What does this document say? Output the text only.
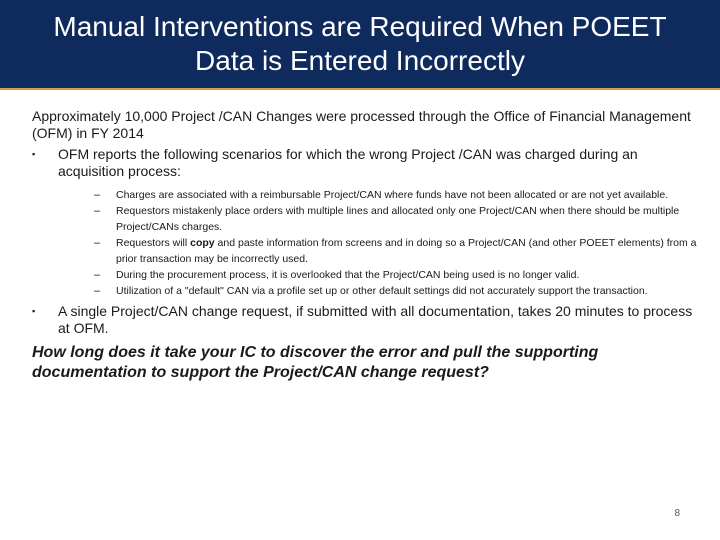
Manual Interventions are Required When POEET
Data is Entered Incorrectly

Approximately 10,000 Project /CAN Changes were processed through the Office of Financial Management (OFM) in FY 2014

▪ OFM reports the following scenarios for which the wrong Project /CAN was charged during an acquisition process:
– Charges are associated with a reimbursable Project/CAN where funds have not been allocated or are not yet available.
– Requestors mistakenly place orders with multiple lines and allocated only one Project/CAN when there should be multiple Project/CANs charges.
– Requestors will copy and paste information from screens and in doing so a Project/CAN (and other POEET elements) from a prior transaction may be incorrectly used.
– During the procurement process, it is overlooked that the Project/CAN being used is no longer valid.
– Utilization of a "default" CAN via a profile set up or other default settings did not accurately support the transaction.
▪ A single Project/CAN change request, if submitted with all documentation, takes 20 minutes to process at OFM.
How long does it take your IC to discover the error and pull the supporting documentation to support the Project/CAN change request?
8
